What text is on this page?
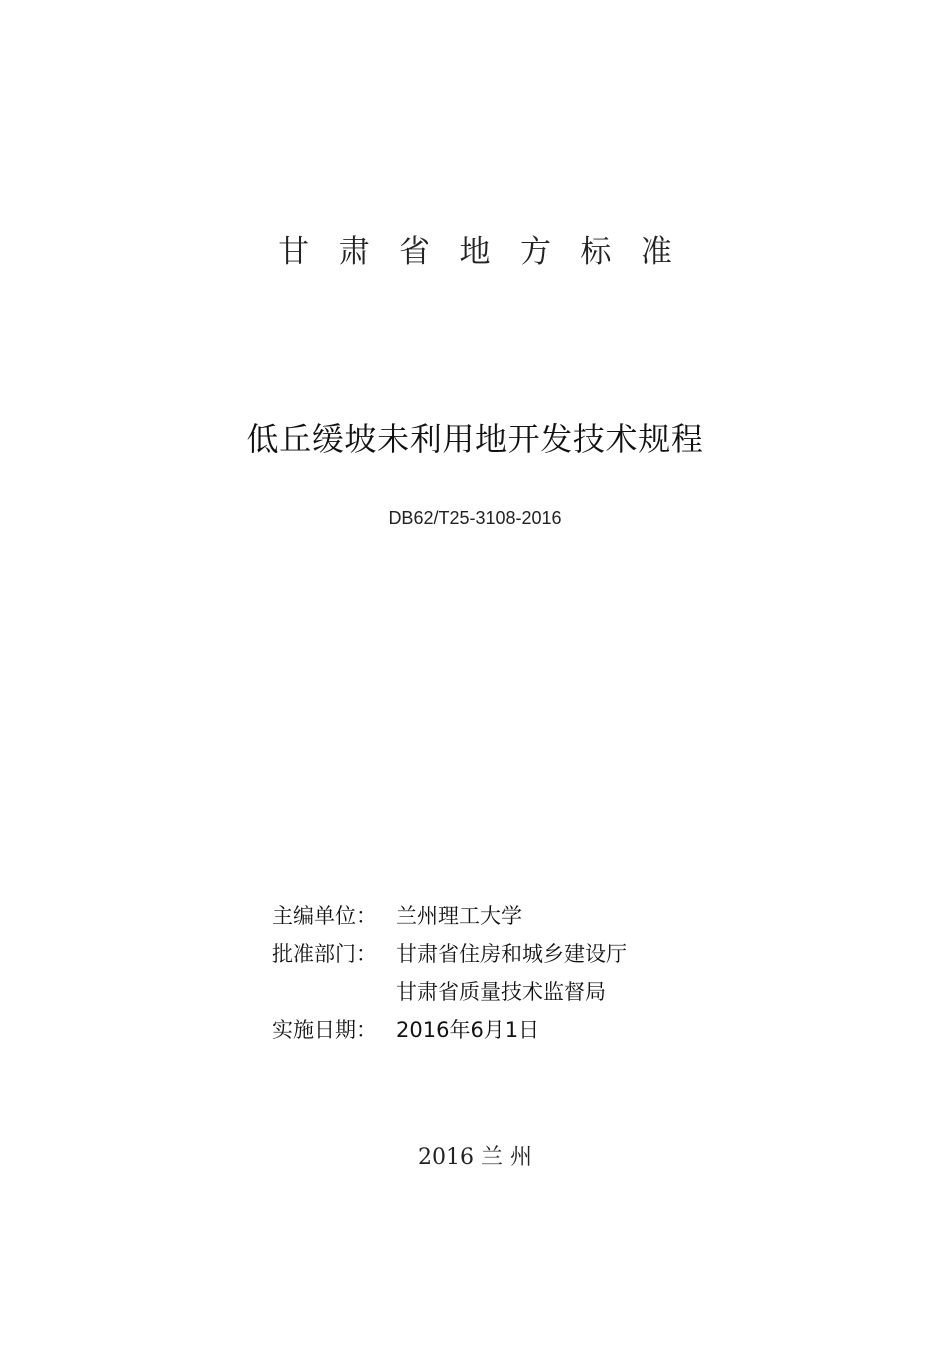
甘肃省地方标准
低丘缓坡未利用地开发技术规程
DB62/T25-3108-2016
主编单位： 兰州理工大学
批准部门： 甘肃省住房和城乡建设厅
甘肃省质量技术监督局
实施日期： 2016年6月1日
2016 兰 州
